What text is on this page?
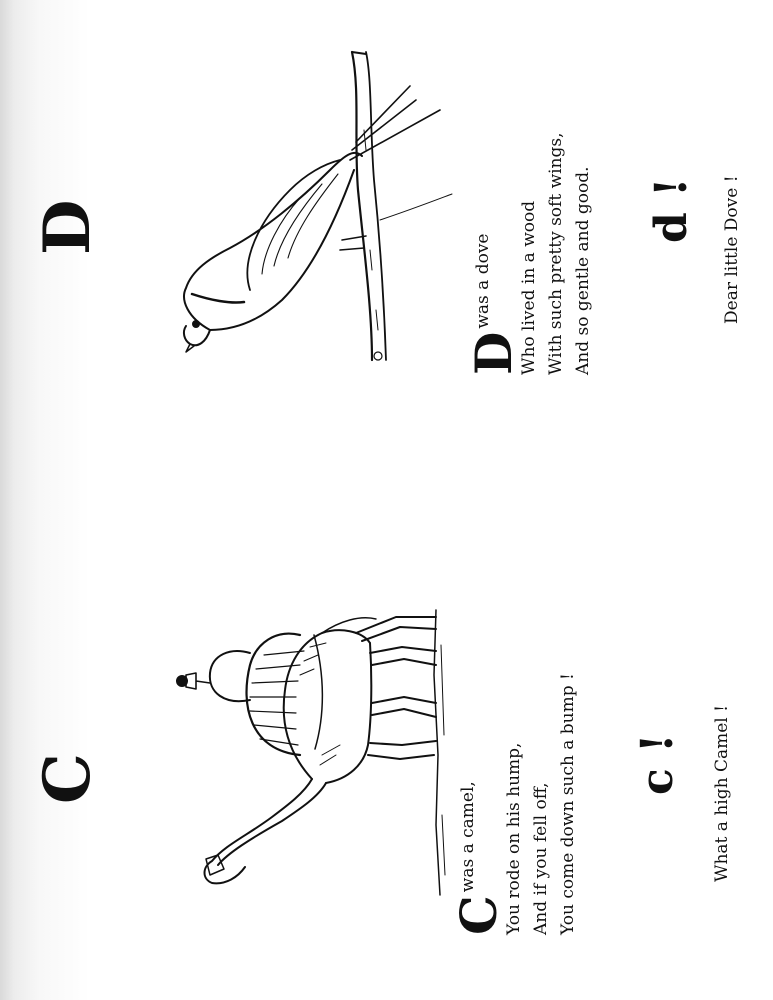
C
C
was a camel, You rode on his hump, And if you fell off, You come down such a bump ! c ! What a high Camel !
D
D
was a dove Who lived in a wood With such pretty soft wings, And so gentle and good. d ! Dear little Dove !
